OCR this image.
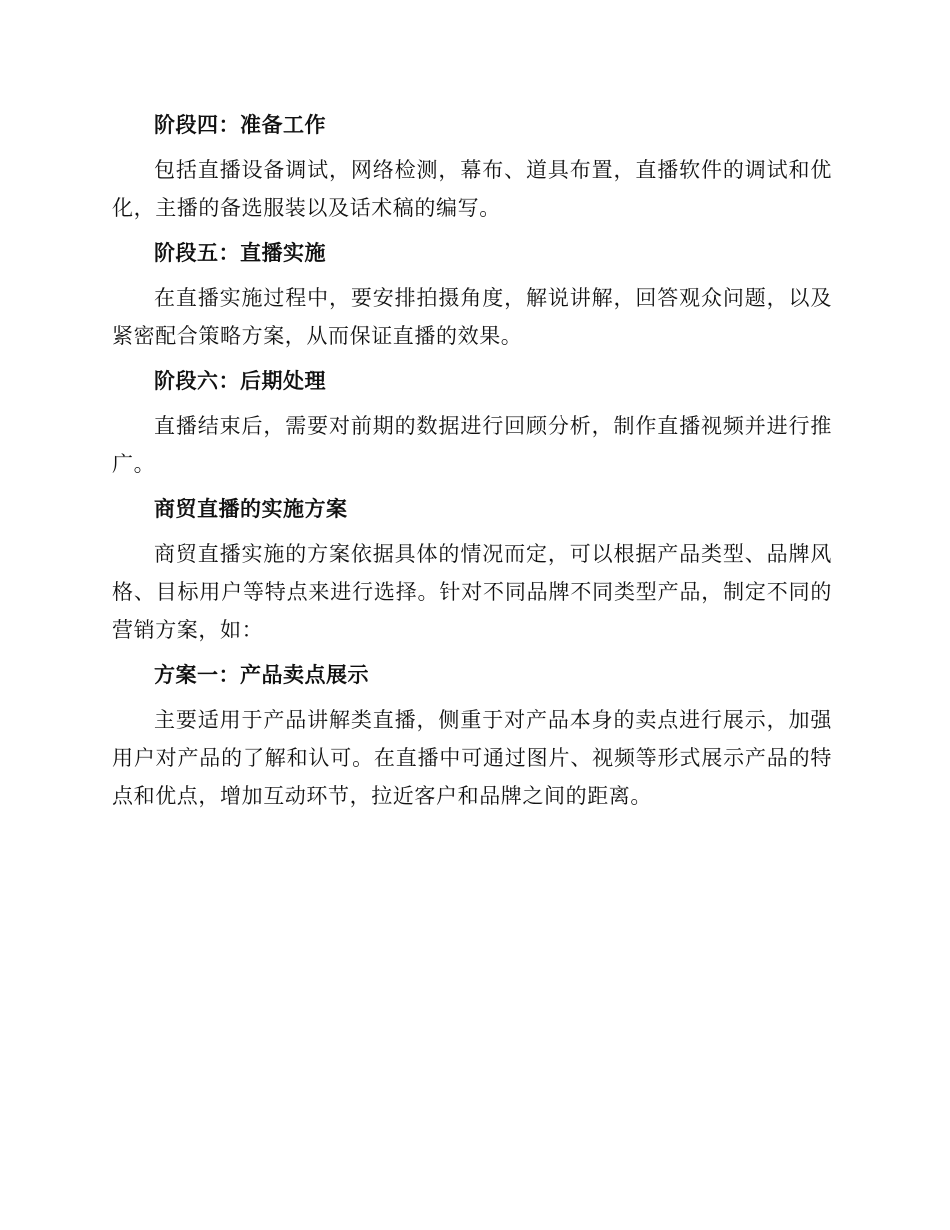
阶段四：准备工作

包括直播设备调试，网络检测，幕布、道具布置，直播软件的调试和优化，主播的备选服装以及话术稿的编写。

阶段五：直播实施

在直播实施过程中，要安排拍摄角度，解说讲解，回答观众问题，以及紧密配合策略方案，从而保证直播的效果。

阶段六：后期处理

直播结束后，需要对前期的数据进行回顾分析，制作直播视频并进行推广。

商贸直播的实施方案

商贸直播实施的方案依据具体的情况而定，可以根据产品类型、品牌风格、目标用户等特点来进行选择。针对不同品牌不同类型产品，制定不同的营销方案，如：

方案一：产品卖点展示

主要适用于产品讲解类直播，侧重于对产品本身的卖点进行展示，加强用户对产品的了解和认可。在直播中可通过图片、视频等形式展示产品的特点和优点，增加互动环节，拉近客户和品牌之间的距离。
